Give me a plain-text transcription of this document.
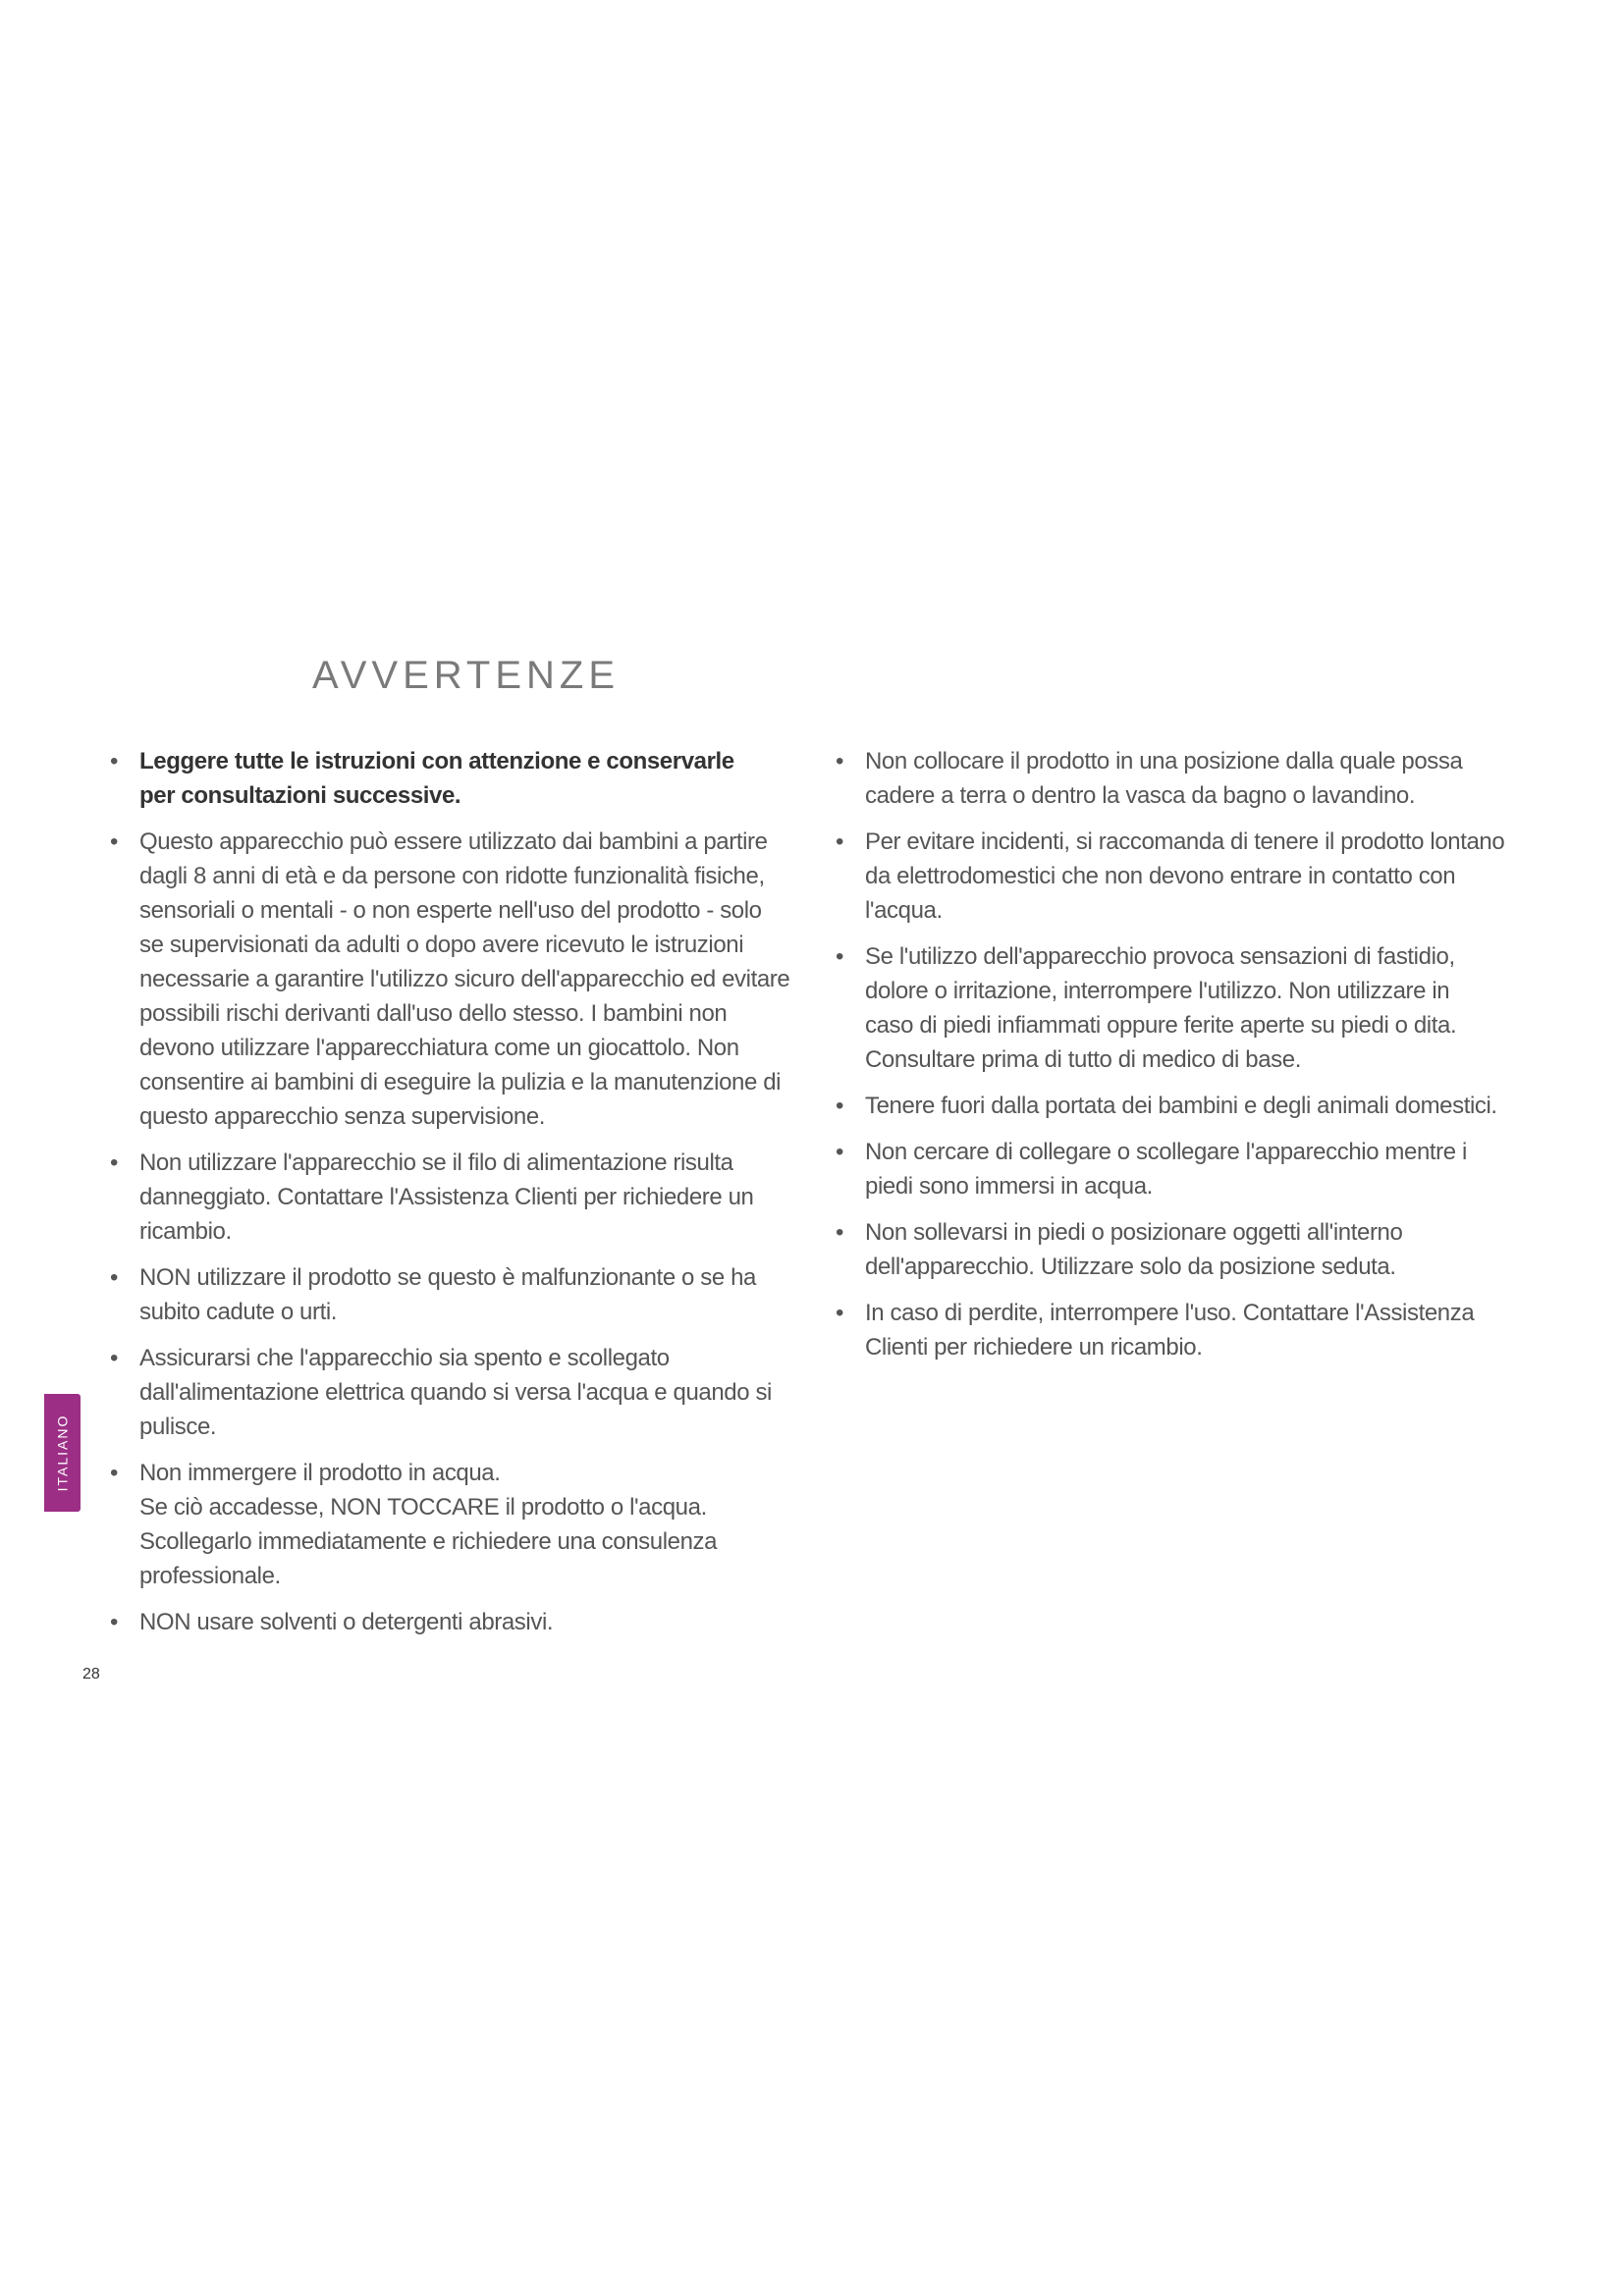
AVVERTENZE
• Leggere tutte le istruzioni con attenzione e conservarle
per consultazioni successive.
• Questo apparecchio può essere utilizzato dai bambini a partire
dagli 8 anni di età e da persone con ridotte funzionalità fisiche,
sensoriali o mentali - o non esperte nell'uso del prodotto - solo
se supervisionati da adulti o dopo avere ricevuto le istruzioni
necessarie a garantire l'utilizzo sicuro dell'apparecchio ed evitare
possibili rischi derivanti dall'uso dello stesso. I bambini non
devono utilizzare l'apparecchiatura come un giocattolo. Non
consentire ai bambini di eseguire la pulizia e la manutenzione di
questo apparecchio senza supervisione.
• Non utilizzare l'apparecchio se il filo di alimentazione risulta
danneggiato. Contattare l'Assistenza Clienti per richiedere un
ricambio.
• NON utilizzare il prodotto se questo è malfunzionante o se ha
subito cadute o urti.
• Assicurarsi che l'apparecchio sia spento e scollegato
dall'alimentazione elettrica quando si versa l'acqua e quando si
pulisce.
• Non immergere il prodotto in acqua.
Se ciò accadesse, NON TOCCARE il prodotto o l'acqua.
Scollegarlo immediatamente e richiedere una consulenza
professionale.
• NON usare solventi o detergenti abrasivi.
• Non collocare il prodotto in una posizione dalla quale possa
cadere a terra o dentro la vasca da bagno o lavandino.
• Per evitare incidenti, si raccomanda di tenere il prodotto lontano
da elettrodomestici che non devono entrare in contatto con
l'acqua.
• Se l'utilizzo dell'apparecchio provoca sensazioni di fastidio,
dolore o irritazione, interrompere l'utilizzo. Non utilizzare in
caso di piedi infiammati oppure ferite aperte su piedi o dita.
Consultare prima di tutto di medico di base.
• Tenere fuori dalla portata dei bambini e degli animali domestici.
• Non cercare di collegare o scollegare l'apparecchio mentre i
piedi sono immersi in acqua.
• Non sollevarsi in piedi o posizionare oggetti all'interno
dell'apparecchio. Utilizzare solo da posizione seduta.
• In caso di perdite, interrompere l'uso. Contattare l'Assistenza
Clienti per richiedere un ricambio.
ITALIANO
28
